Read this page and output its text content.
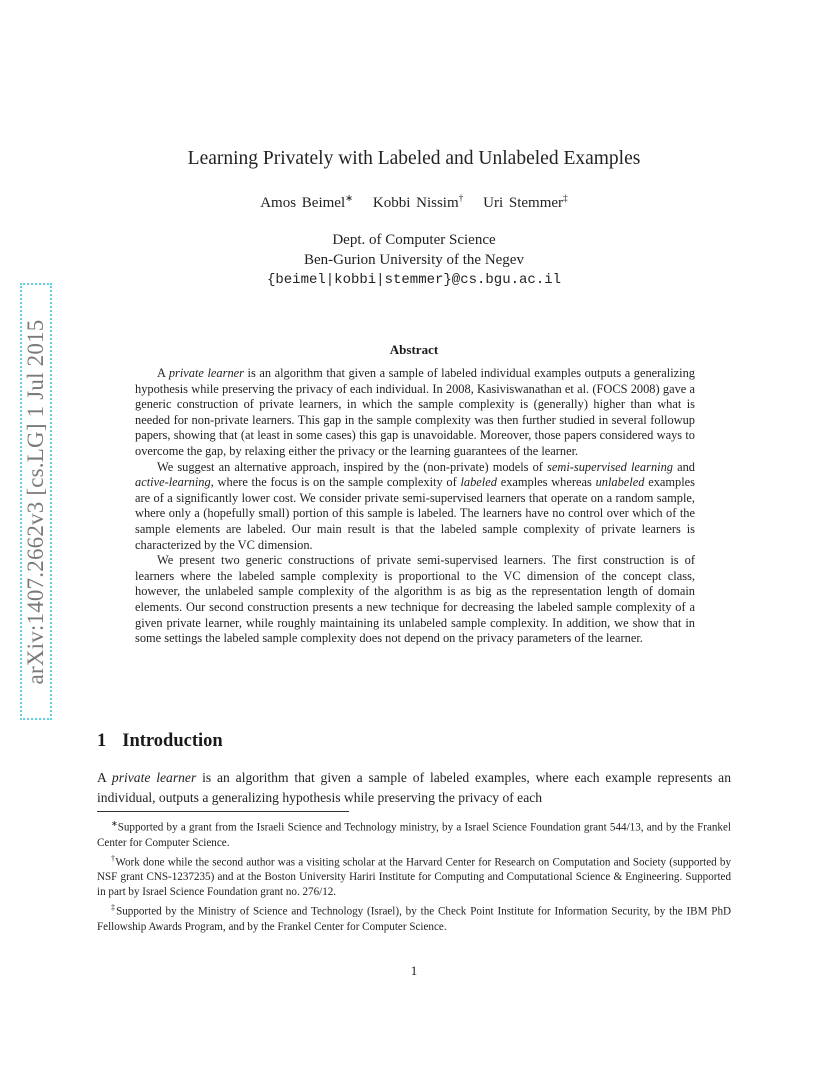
arXiv:1407.2662v3 [cs.LG] 1 Jul 2015
Learning Privately with Labeled and Unlabeled Examples
Amos Beimel∗ Kobbi Nissim† Uri Stemmer‡
Dept. of Computer Science
Ben-Gurion University of the Negev
{beimel|kobbi|stemmer}@cs.bgu.ac.il
Abstract

A private learner is an algorithm that given a sample of labeled individual examples outputs a generalizing hypothesis while preserving the privacy of each individual. In 2008, Kasiviswanathan et al. (FOCS 2008) gave a generic construction of private learners, in which the sample complexity is (generally) higher than what is needed for non-private learners. This gap in the sample complexity was then further studied in several followup papers, showing that (at least in some cases) this gap is unavoidable. Moreover, those papers considered ways to overcome the gap, by relaxing either the privacy or the learning guarantees of the learner.

We suggest an alternative approach, inspired by the (non-private) models of semi-supervised learning and active-learning, where the focus is on the sample complexity of labeled examples whereas unlabeled examples are of a significantly lower cost. We consider private semi-supervised learners that operate on a random sample, where only a (hopefully small) portion of this sample is labeled. The learners have no control over which of the sample elements are labeled. Our main result is that the labeled sample complexity of private learners is characterized by the VC dimension.

We present two generic constructions of private semi-supervised learners. The first construction is of learners where the labeled sample complexity is proportional to the VC dimension of the concept class, however, the unlabeled sample complexity of the algorithm is as big as the representation length of domain elements. Our second construction presents a new technique for decreasing the labeled sample complexity of a given private learner, while roughly maintaining its unlabeled sample complexity. In addition, we show that in some settings the labeled sample complexity does not depend on the privacy parameters of the learner.

1 Introduction
A private learner is an algorithm that given a sample of labeled examples, where each example represents an individual, outputs a generalizing hypothesis while preserving the privacy of each

∗Supported by a grant from the Israeli Science and Technology ministry, by a Israel Science Foundation grant 544/13, and by the Frankel Center for Computer Science.

†Work done while the second author was a visiting scholar at the Harvard Center for Research on Computation and Society (supported by NSF grant CNS-1237235) and at the Boston University Hariri Institute for Computing and Computational Science & Engineering. Supported in part by Israel Science Foundation grant no. 276/12.

‡Supported by the Ministry of Science and Technology (Israel), by the Check Point Institute for Information Security, by the IBM PhD Fellowship Awards Program, and by the Frankel Center for Computer Science.

1
